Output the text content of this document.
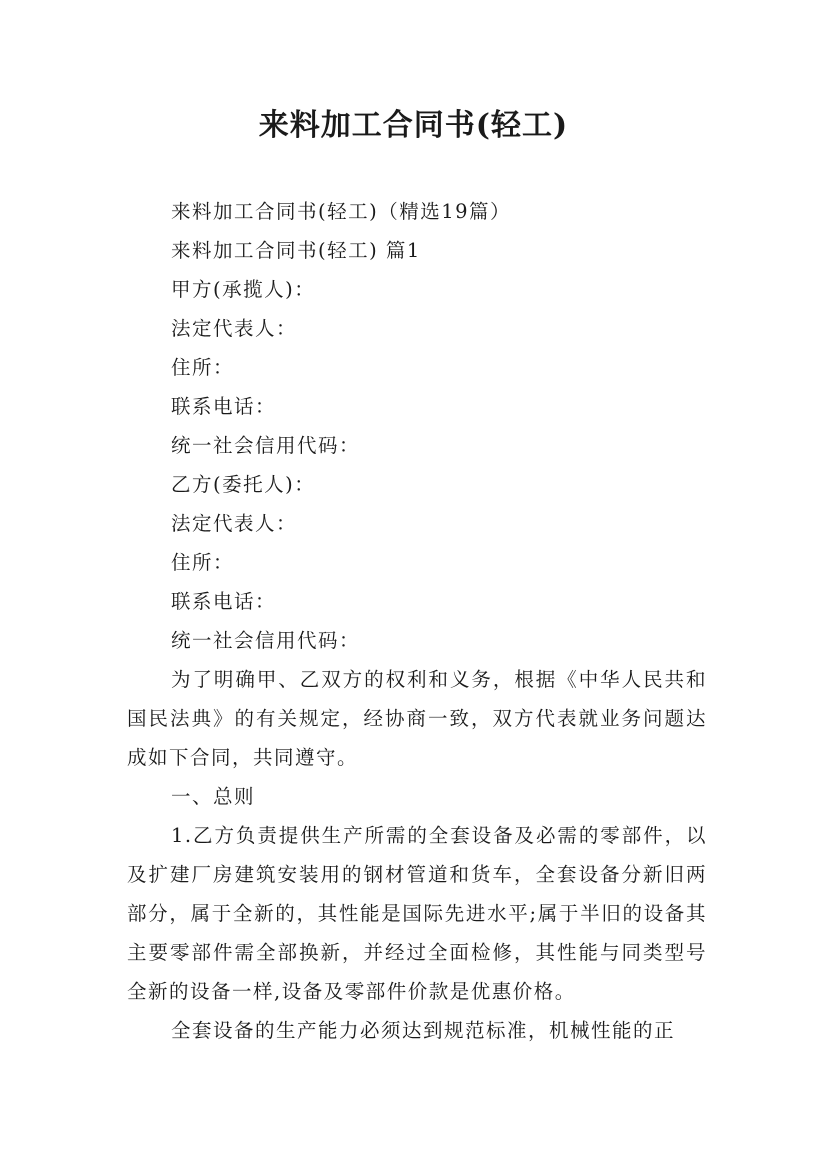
来料加工合同书(轻工)

来料加工合同书(轻工)（精选19篇）

来料加工合同书(轻工) 篇1

甲方(承揽人)：

法定代表人：

住所：

联系电话：

统一社会信用代码：

乙方(委托人)：

法定代表人：

住所：

联系电话：

统一社会信用代码：

为了明确甲、乙双方的权利和义务，根据《中华人民共和国民法典》的有关规定，经协商一致，双方代表就业务问题达成如下合同，共同遵守。

一、总则

1.乙方负责提供生产所需的全套设备及必需的零部件，以及扩建厂房建筑安装用的钢材管道和货车，全套设备分新旧两部分，属于全新的，其性能是国际先进水平;属于半旧的设备其主要零部件需全部换新，并经过全面检修，其性能与同类型号全新的设备一样,设备及零部件价款是优惠价格。

全套设备的生产能力必须达到规范标准，机械性能的正
